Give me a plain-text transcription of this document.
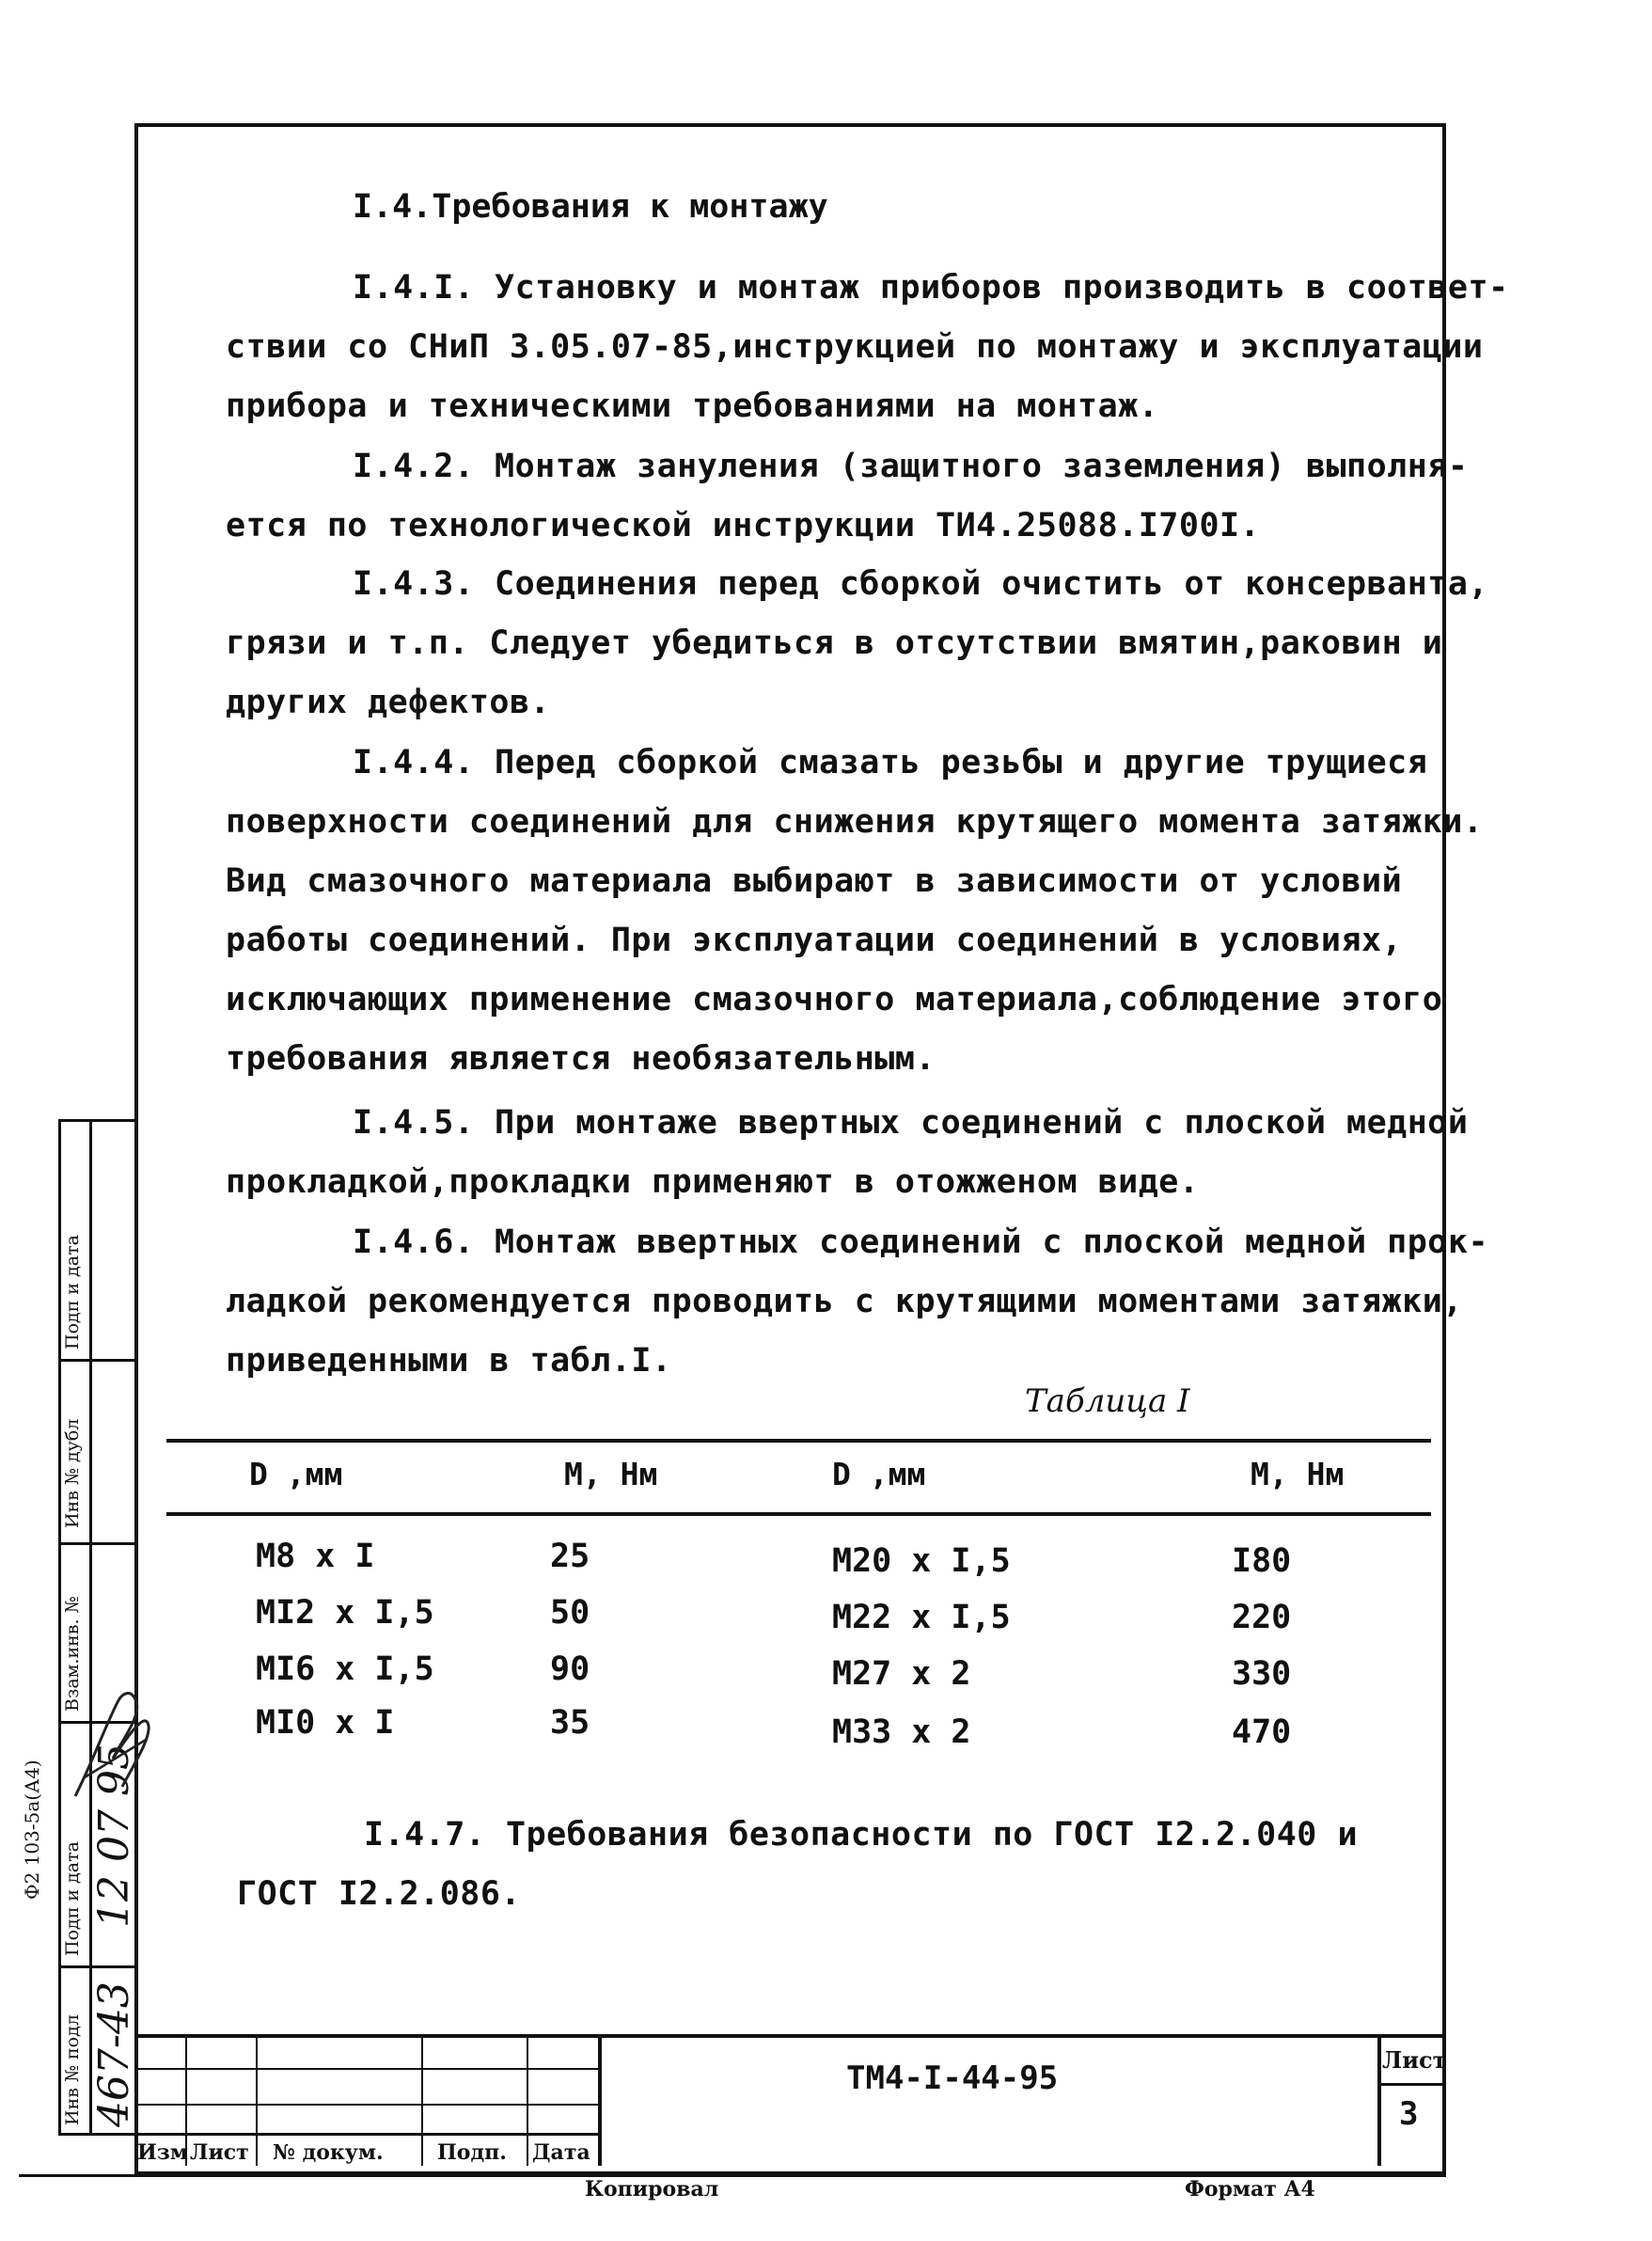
I.4.Требования к монтажу
I.4.I. Установку и монтаж приборов производить в соответ-
ствии со СНиП 3.05.07-85,инструкцией по монтажу и эксплуатации
прибора и техническими требованиями на монтаж.
I.4.2. Монтаж зануления (защитного заземления) выполня-
ется по технологической инструкции ТИ4.25088.I700I.
I.4.3. Соединения перед сборкой очистить от консерванта,
грязи и т.п. Следует убедиться в отсутствии вмятин,раковин и
других дефектов.
I.4.4. Перед сборкой смазать резьбы и другие трущиеся
поверхности соединений для снижения крутящего момента затяжки.
Вид смазочного материала выбирают в зависимости от условий
работы соединений. При эксплуатации соединений в условиях,
исключающих применение смазочного материала,соблюдение этого
требования является необязательным.
I.4.5. При монтаже ввертных соединений с плоской медной
прокладкой,прокладки применяют в отожженом виде.
I.4.6. Монтаж ввертных соединений с плоской медной прок-
ладкой рекомендуется проводить с крутящими моментами затяжки,
приведенными в табл.I.
Таблица I
D ,мм	M, Нм	D ,мм	M, Нм
M8 x I	25	M20 x I,5	I80
MI2 x I,5	50	M22 x I,5	220
MI6 x I,5	90	M27 x 2	330
MI0 x I	35	M33 x 2	470
I.4.7. Требования безопасности по ГОСТ I2.2.040 и
ГОСТ I2.2.086.
Изм Лист № докум.	Подп. Дата
ТМ4-I-44-95	Лист
3
Копировал	Формат А4
Подп и дата
Инв № дубл
Взам.инв. №
Подп и дата
Инв № подл
12 07 95
467-43
Ф2 103-5а(А4)
